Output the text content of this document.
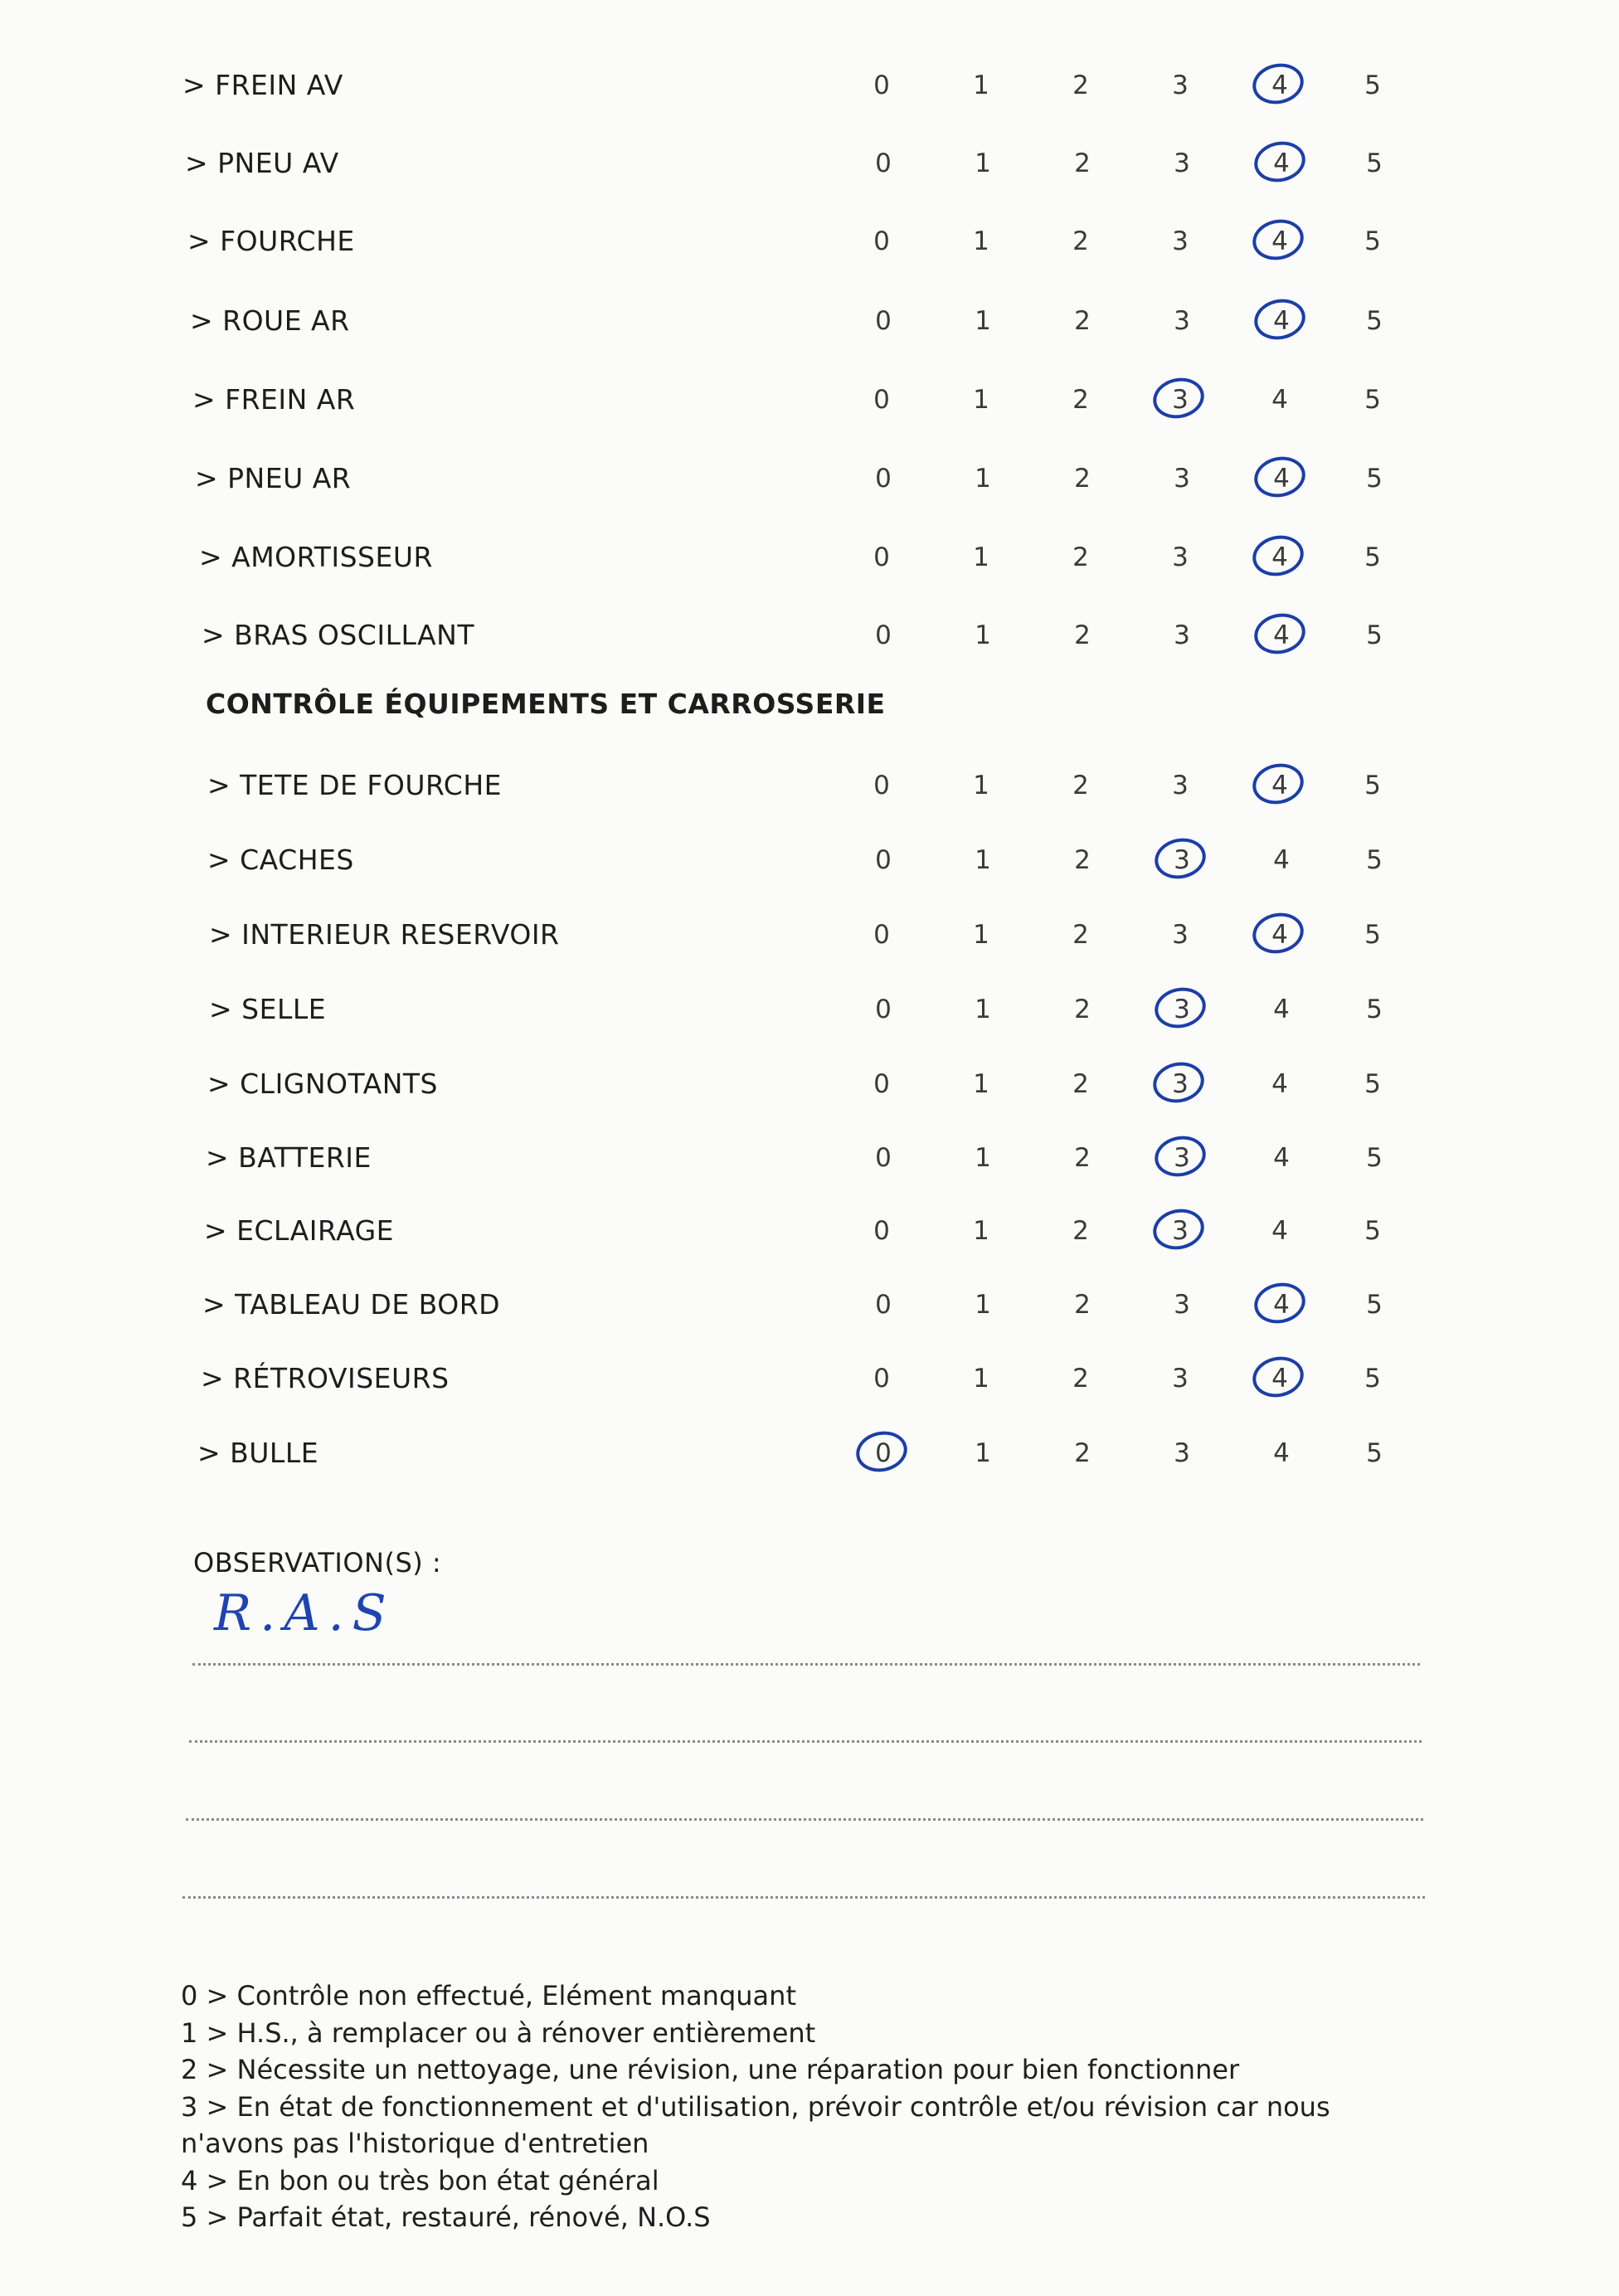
> FREIN AV	0	1	2	3	4	5
> PNEU AV	0	1	2	3	4	5
> FOURCHE	0	1	2	3	4	5
> ROUE AR	0	1	2	3	4	5
> FREIN AR	0	1	2	3	4	5
> PNEU AR	0	1	2	3	4	5
> AMORTISSEUR	0	1	2	3	4	5
> BRAS OSCILLANT	0	1	2	3	4	5
> TETE DE FOURCHE	0	1	2	3	4	5
> CACHES	0	1	2	3	4	5
> INTERIEUR RESERVOIR	0	1	2	3	4	5
> SELLE	0	1	2	3	4	5
> CLIGNOTANTS	0	1	2	3	4	5
> BATTERIE	0	1	2	3	4	5
> ECLAIRAGE	0	1	2	3	4	5
> TABLEAU DE BORD	0	1	2	3	4	5
> RÉTROVISEURS	0	1	2	3	4	5
> BULLE	0	1	2	3	4	5
CONTRÔLE ÉQUIPEMENTS ET CARROSSERIE
OBSERVATION(S) :
R.A.S
0 > Contrôle non effectué, Elément manquant
1 > H.S., à remplacer ou à rénover entièrement
2 > Nécessite un nettoyage, une révision, une réparation pour bien fonctionner
3 > En état de fonctionnement et d'utilisation, prévoir contrôle et/ou révision car nous
n'avons pas l'historique d'entretien
4 > En bon ou très bon état général
5 > Parfait état, restauré, rénové, N.O.S
